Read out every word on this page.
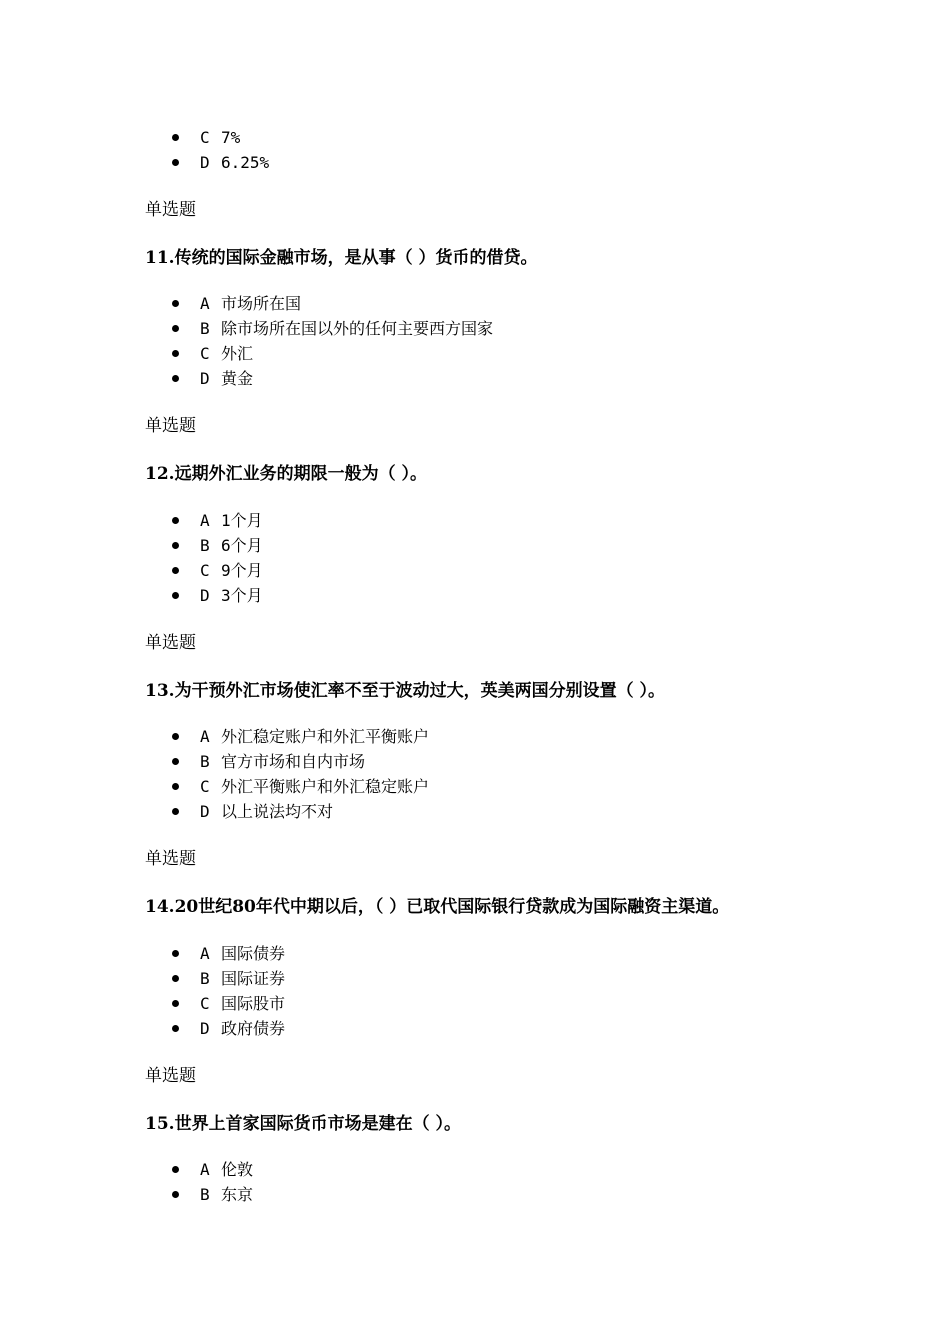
C 7%
D 6.25%
单选题
11.传统的国际金融市场，是从事（ ）货币的借贷。
A 市场所在国
B 除市场所在国以外的任何主要西方国家
C 外汇
D 黄金
单选题
12.远期外汇业务的期限一般为（ ）。
A 1个月
B 6个月
C 9个月
D 3个月
单选题
13.为干预外汇市场使汇率不至于波动过大，英美两国分别设置（ ）。
A 外汇稳定账户和外汇平衡账户
B 官方市场和自内市场
C 外汇平衡账户和外汇稳定账户
D 以上说法均不对
单选题
14.20世纪80年代中期以后，（ ）已取代国际银行贷款成为国际融资主渠道。
A 国际债券
B 国际证券
C 国际股市
D 政府债券
单选题
15.世界上首家国际货币市场是建在（ ）。
A 伦敦
B 东京
